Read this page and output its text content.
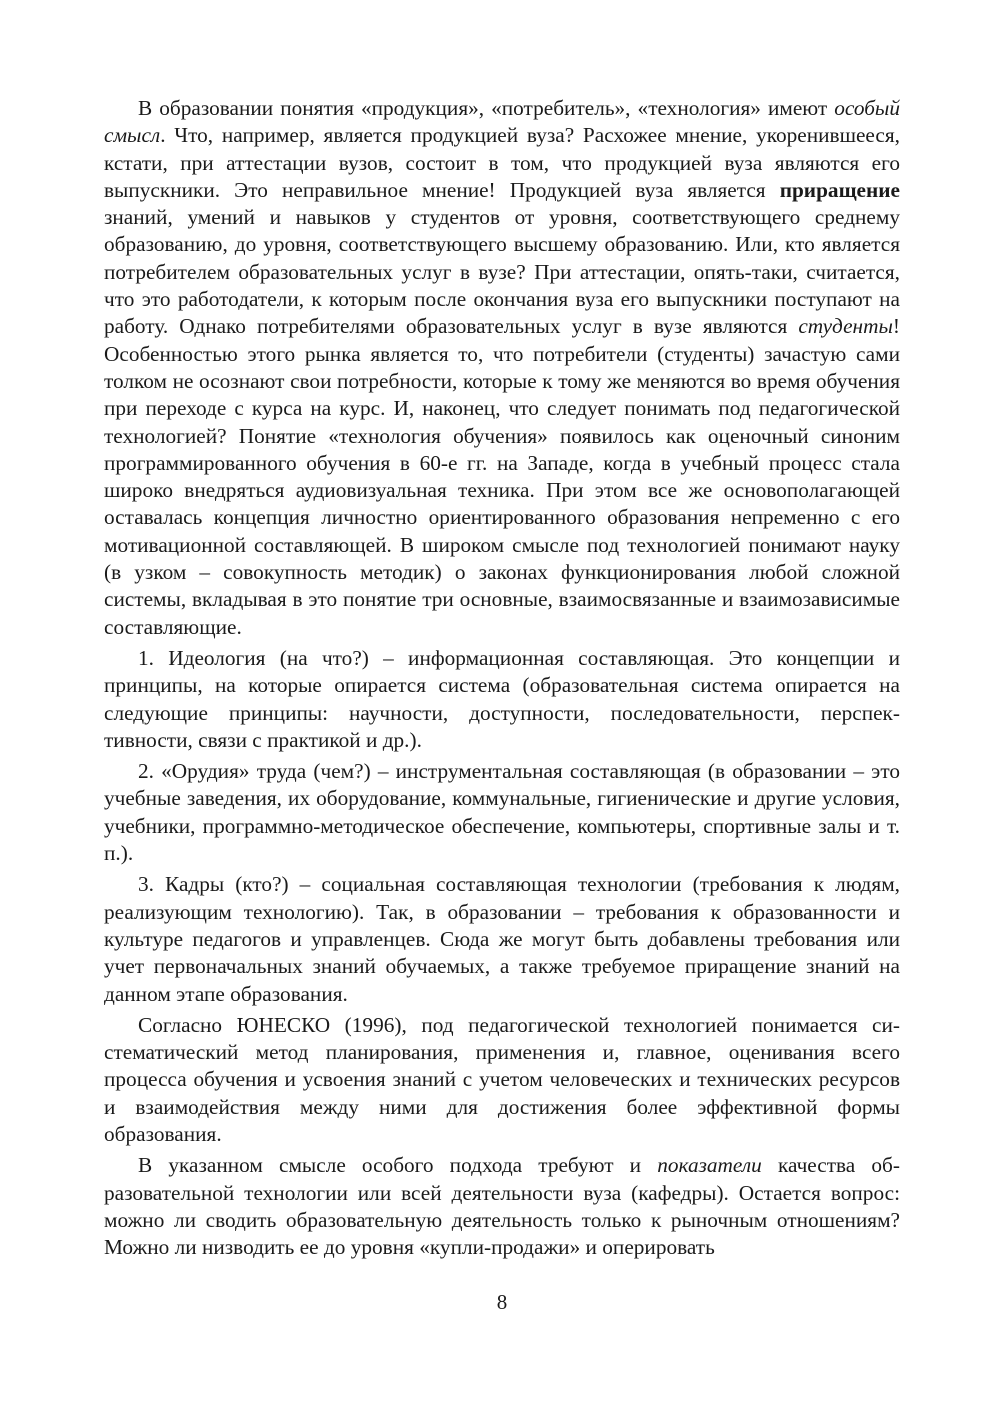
В образовании понятия «продукция», «потребитель», «технология» имеют особый смысл. Что, например, является продукцией вуза? Расхожее мнение, укоренившееся, кстати, при аттестации вузов, состоит в том, что продукцией вуза являются его выпускники. Это неправильное мнение! Продукцией вуза является приращение знаний, умений и навыков у студентов от уровня, соответствующего среднему образованию, до уровня, соответствующего высшему образованию. Или, кто является потребителем образовательных услуг в вузе? При аттестации, опять-таки, считается, что это работодатели, к которым после окончания вуза его выпускники поступают на работу. Однако потребителями образовательных услуг в вузе являются студенты! Особенностью этого рынка является то, что потребители (студенты) зачастую сами толком не осознают свои потребности, которые к тому же меняются во время обучения при переходе с курса на курс. И, наконец, что следует понимать под педагогической технологией? Понятие «технология обучения» появилось как оценочный синоним программированного обучения в 60-е гг. на Западе, когда в учебный процесс стала широко внедряться аудиовизуальная техника. При этом все же основополагающей оставалась концепция личностно ориентированного образования непременно с его мотивационной составляющей. В широком смысле под технологией понимают науку (в узком – совокупность методик) о законах функционирования любой сложной системы, вкладывая в это понятие три основные, взаимосвязанные и взаимозависимые составляющие.

1. Идеология (на что?) – информационная составляющая. Это концепции и принципы, на которые опирается система (образовательная система опирается на следующие принципы: научности, доступности, последовательности, перспективности, связи с практикой и др.).

2. «Орудия» труда (чем?) – инструментальная составляющая (в образовании – это учебные заведения, их оборудование, коммунальные, гигиенические и другие условия, учебники, программно-методическое обеспечение, компьютеры, спортивные залы и т. п.).

3. Кадры (кто?) – социальная составляющая технологии (требования к людям, реализующим технологию). Так, в образовании – требования к образованности и культуре педагогов и управленцев. Сюда же могут быть добавлены требования или учет первоначальных знаний обучаемых, а также требуемое приращение знаний на данном этапе образования.

Согласно ЮНЕСКО (1996), под педагогической технологией понимается систематический метод планирования, применения и, главное, оценивания всего процесса обучения и усвоения знаний с учетом человеческих и технических ресурсов и взаимодействия между ними для достижения более эффективной формы образования.

В указанном смысле особого подхода требуют и показатели качества образовательной технологии или всей деятельности вуза (кафедры). Остается вопрос: можно ли сводить образовательную деятельность только к рыночным отношениям? Можно ли низводить ее до уровня «купли-продажи» и оперировать

8
